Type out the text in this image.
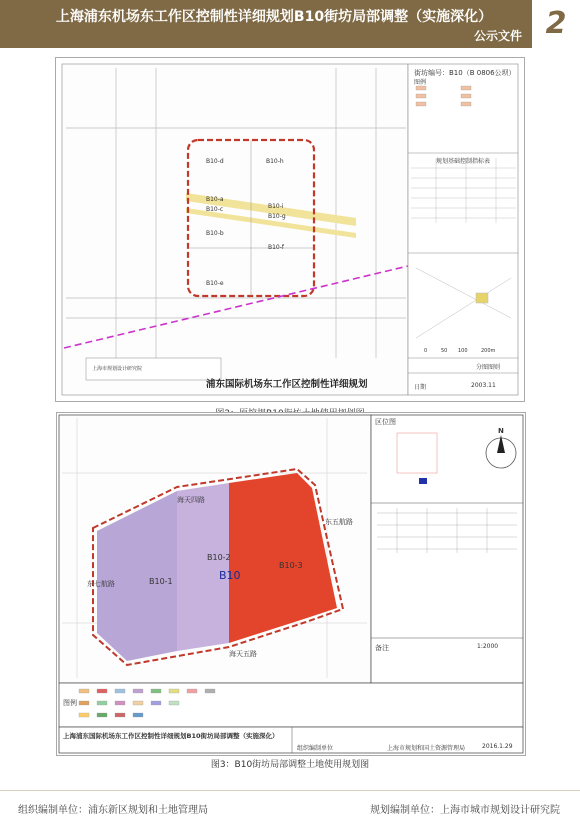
上海浦东机场东工作区控制性详细规划B10街坊局部调整（实施深化）
公示文件 2
街坊编号：B10（B 0806公坝）
图例
规划基础控制指标表
B10-d	B10-h
B10-a
B10-i
B10-c
B10-g
B10-b
B10-f
B10-e
上海市规划设计研究院
浦东国际机场东工作区控制性详细规划
分图图则
日期	2003.11
0	50 100	200m
区位图
N
备注
图例
B10-1
B10-2
B10-3
B10
海天四路
东五航路
海天五路
东七航路
上海浦东国际机场东工作区控制性详细规划B10街坊局部调整（实施深化）
组织编制单位	上海市规划和国土资源管理局
1:2000
2016.1.29
图3：B10街坊局部调整土地使用规划图
组织编制单位：浦东新区规划和土地管理局	规划编制单位：上海市城市规划设计研究院
